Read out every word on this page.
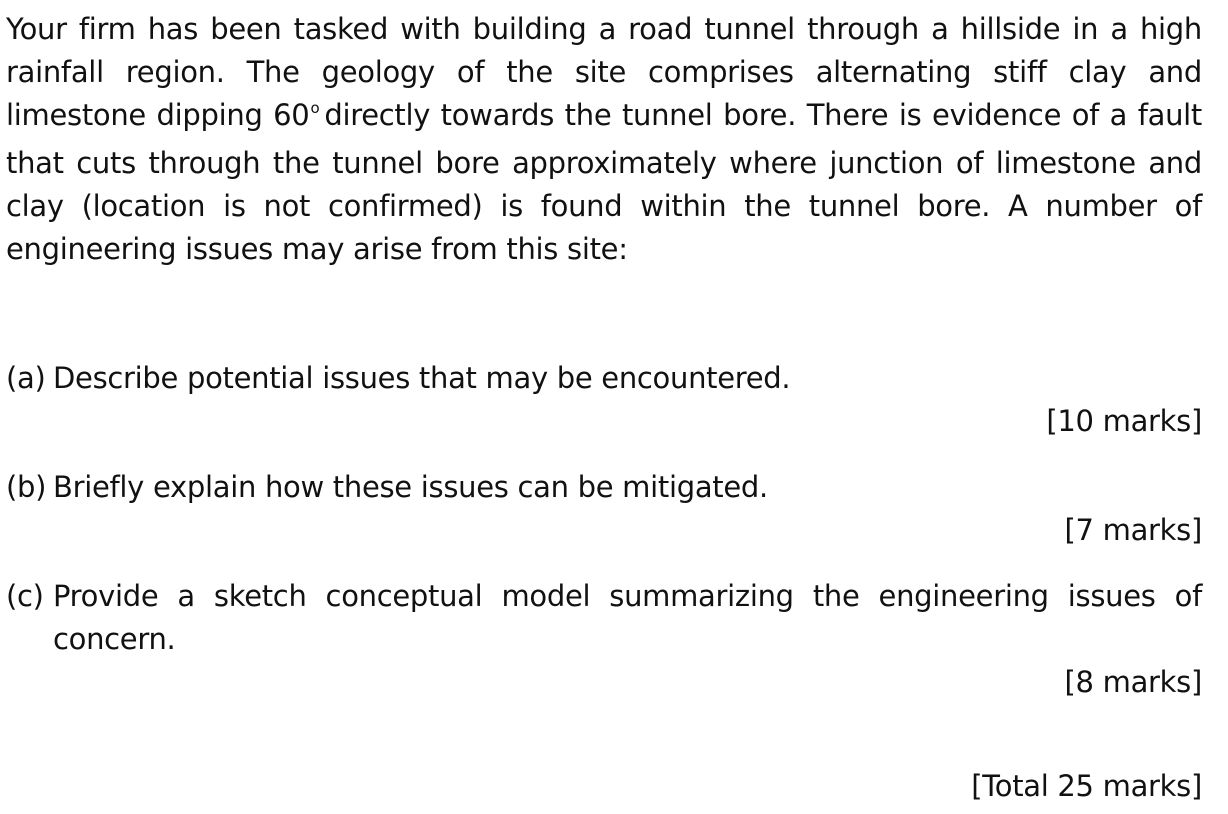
Your firm has been tasked with building a road tunnel through a hillside in a high rainfall region. The geology of the site comprises alternating stiff clay and limestone dipping 60$^o$ directly towards the tunnel bore. There is evidence of a fault that cuts through the tunnel bore approximately where junction of limestone and clay (location is not confirmed) is found within the tunnel bore. A number of engineering issues may arise from this site:

(a) Describe potential issues that may be encountered.
[10 marks]
(b) Briefly explain how these issues can be mitigated.
[7 marks]
(c) Provide a sketch conceptual model summarizing the engineering issues of concern.
[8 marks]
[Total 25 marks]
